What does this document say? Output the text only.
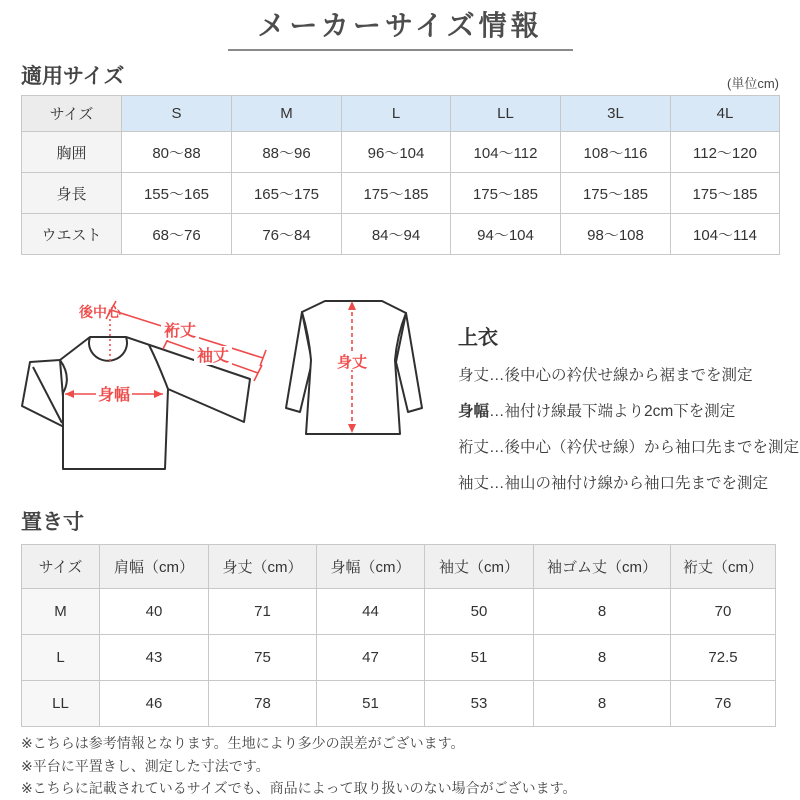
メーカーサイズ情報
適用サイズ	(単位cm)
サイズ	S	M	L	LL	3L	4L
胸囲	80〜88	88〜96	96〜104	104〜112	108〜116	112〜120
身長	155〜165	165〜175	175〜185	175〜185	175〜185	175〜185
ウエスト	68〜76	76〜84	84〜94	94〜104	98〜108	104〜114
後中心
裄丈
袖丈
身幅
身丈
上衣
身丈…後中心の衿伏せ線から裾までを測定
身幅…袖付け線最下端より2cm下を測定
裄丈…後中心（衿伏せ線）から袖口先までを測定
袖丈…袖山の袖付け線から袖口先までを測定
置き寸
サイズ	肩幅（cm）	身丈（cm）	身幅（cm）	袖丈（cm）	袖ゴム丈（cm）	裄丈（cm）
M	40	71	44	50	8	70
L	43	75	47	51	8	72.5
LL	46	78	51	53	8	76
※こちらは参考情報となります。生地により多少の誤差がございます。
※平台に平置きし、測定した寸法です。
※こちらに記載されているサイズでも、商品によって取り扱いのない場合がございます。
